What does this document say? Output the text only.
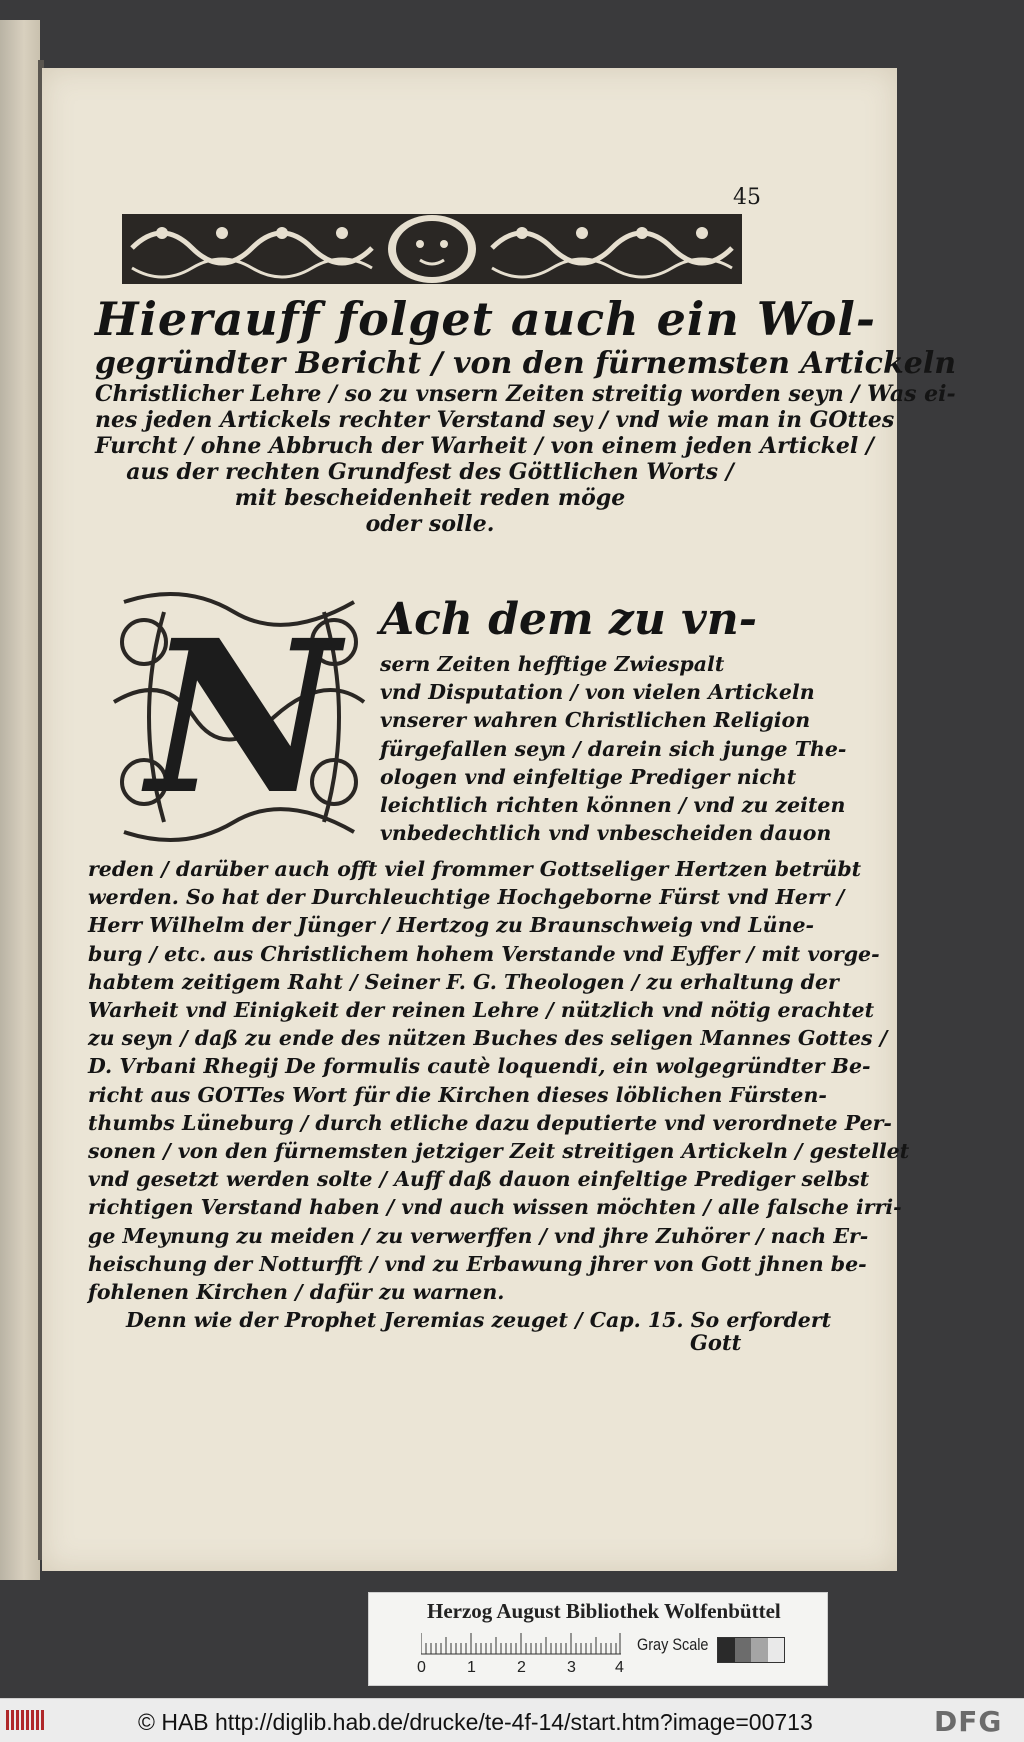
45
Hierauff folget auch ein Wol-
gegründter Bericht / von den fürnemsten Artickeln
Christlicher Lehre / so zu vnsern Zeiten streitig worden seyn / Was ei-
nes jeden Artickels rechter Verstand sey / vnd wie man in GOttes
Furcht / ohne Abbruch der Warheit / von einem jeden Artickel /
aus der rechten Grundfest des Göttlichen Worts /
mit bescheidenheit reden möge
oder solle.
N Ach dem zu vn-
sern Zeiten hefftige Zwiespalt
vnd Disputation / von vielen Artickeln
vnserer wahren Christlichen Religion
fürgefallen seyn / darein sich junge The-
ologen vnd einfeltige Prediger nicht
leichtlich richten können / vnd zu zeiten
vnbedechtlich vnd vnbescheiden dauon
reden / darüber auch offt viel frommer Gottseliger Hertzen betrübt
werden. So hat der Durchleuchtige Hochgeborne Fürst vnd Herr /
Herr Wilhelm der Jünger / Hertzog zu Braunschweig vnd Lüne-
burg / etc. aus Christlichem hohem Verstande vnd Eyffer / mit vorge-
habtem zeitigem Raht / Seiner F. G. Theologen / zu erhaltung der
Warheit vnd Einigkeit der reinen Lehre / nützlich vnd nötig erachtet
zu seyn / daß zu ende des nützen Buches des seligen Mannes Gottes /
D. Vrbani Rhegij De formulis cautè loquendi, ein wolgegründter Be-
richt aus GOTTes Wort für die Kirchen dieses löblichen Fürsten-
thumbs Lüneburg / durch etliche dazu deputierte vnd verordnete Per-
sonen / von den fürnemsten jetziger Zeit streitigen Artickeln / gestellet
vnd gesetzt werden solte / Auff daß dauon einfeltige Prediger selbst
richtigen Verstand haben / vnd auch wissen möchten / alle falsche irri-
ge Meynung zu meiden / zu verwerffen / vnd jhre Zuhörer / nach Er-
heischung der Notturfft / vnd zu Erbawung jhrer von Gott jhnen be-
fohlenen Kirchen / dafür zu warnen.
Denn wie der Prophet Jeremias zeuget / Cap. 15. So erfordert
Gott
Herzog August Bibliothek Wolfenbüttel
0	1	2	3 4
Gray Scale
© HAB http://diglib.hab.de/drucke/te-4f-14/start.htm?image=00713	DFG
